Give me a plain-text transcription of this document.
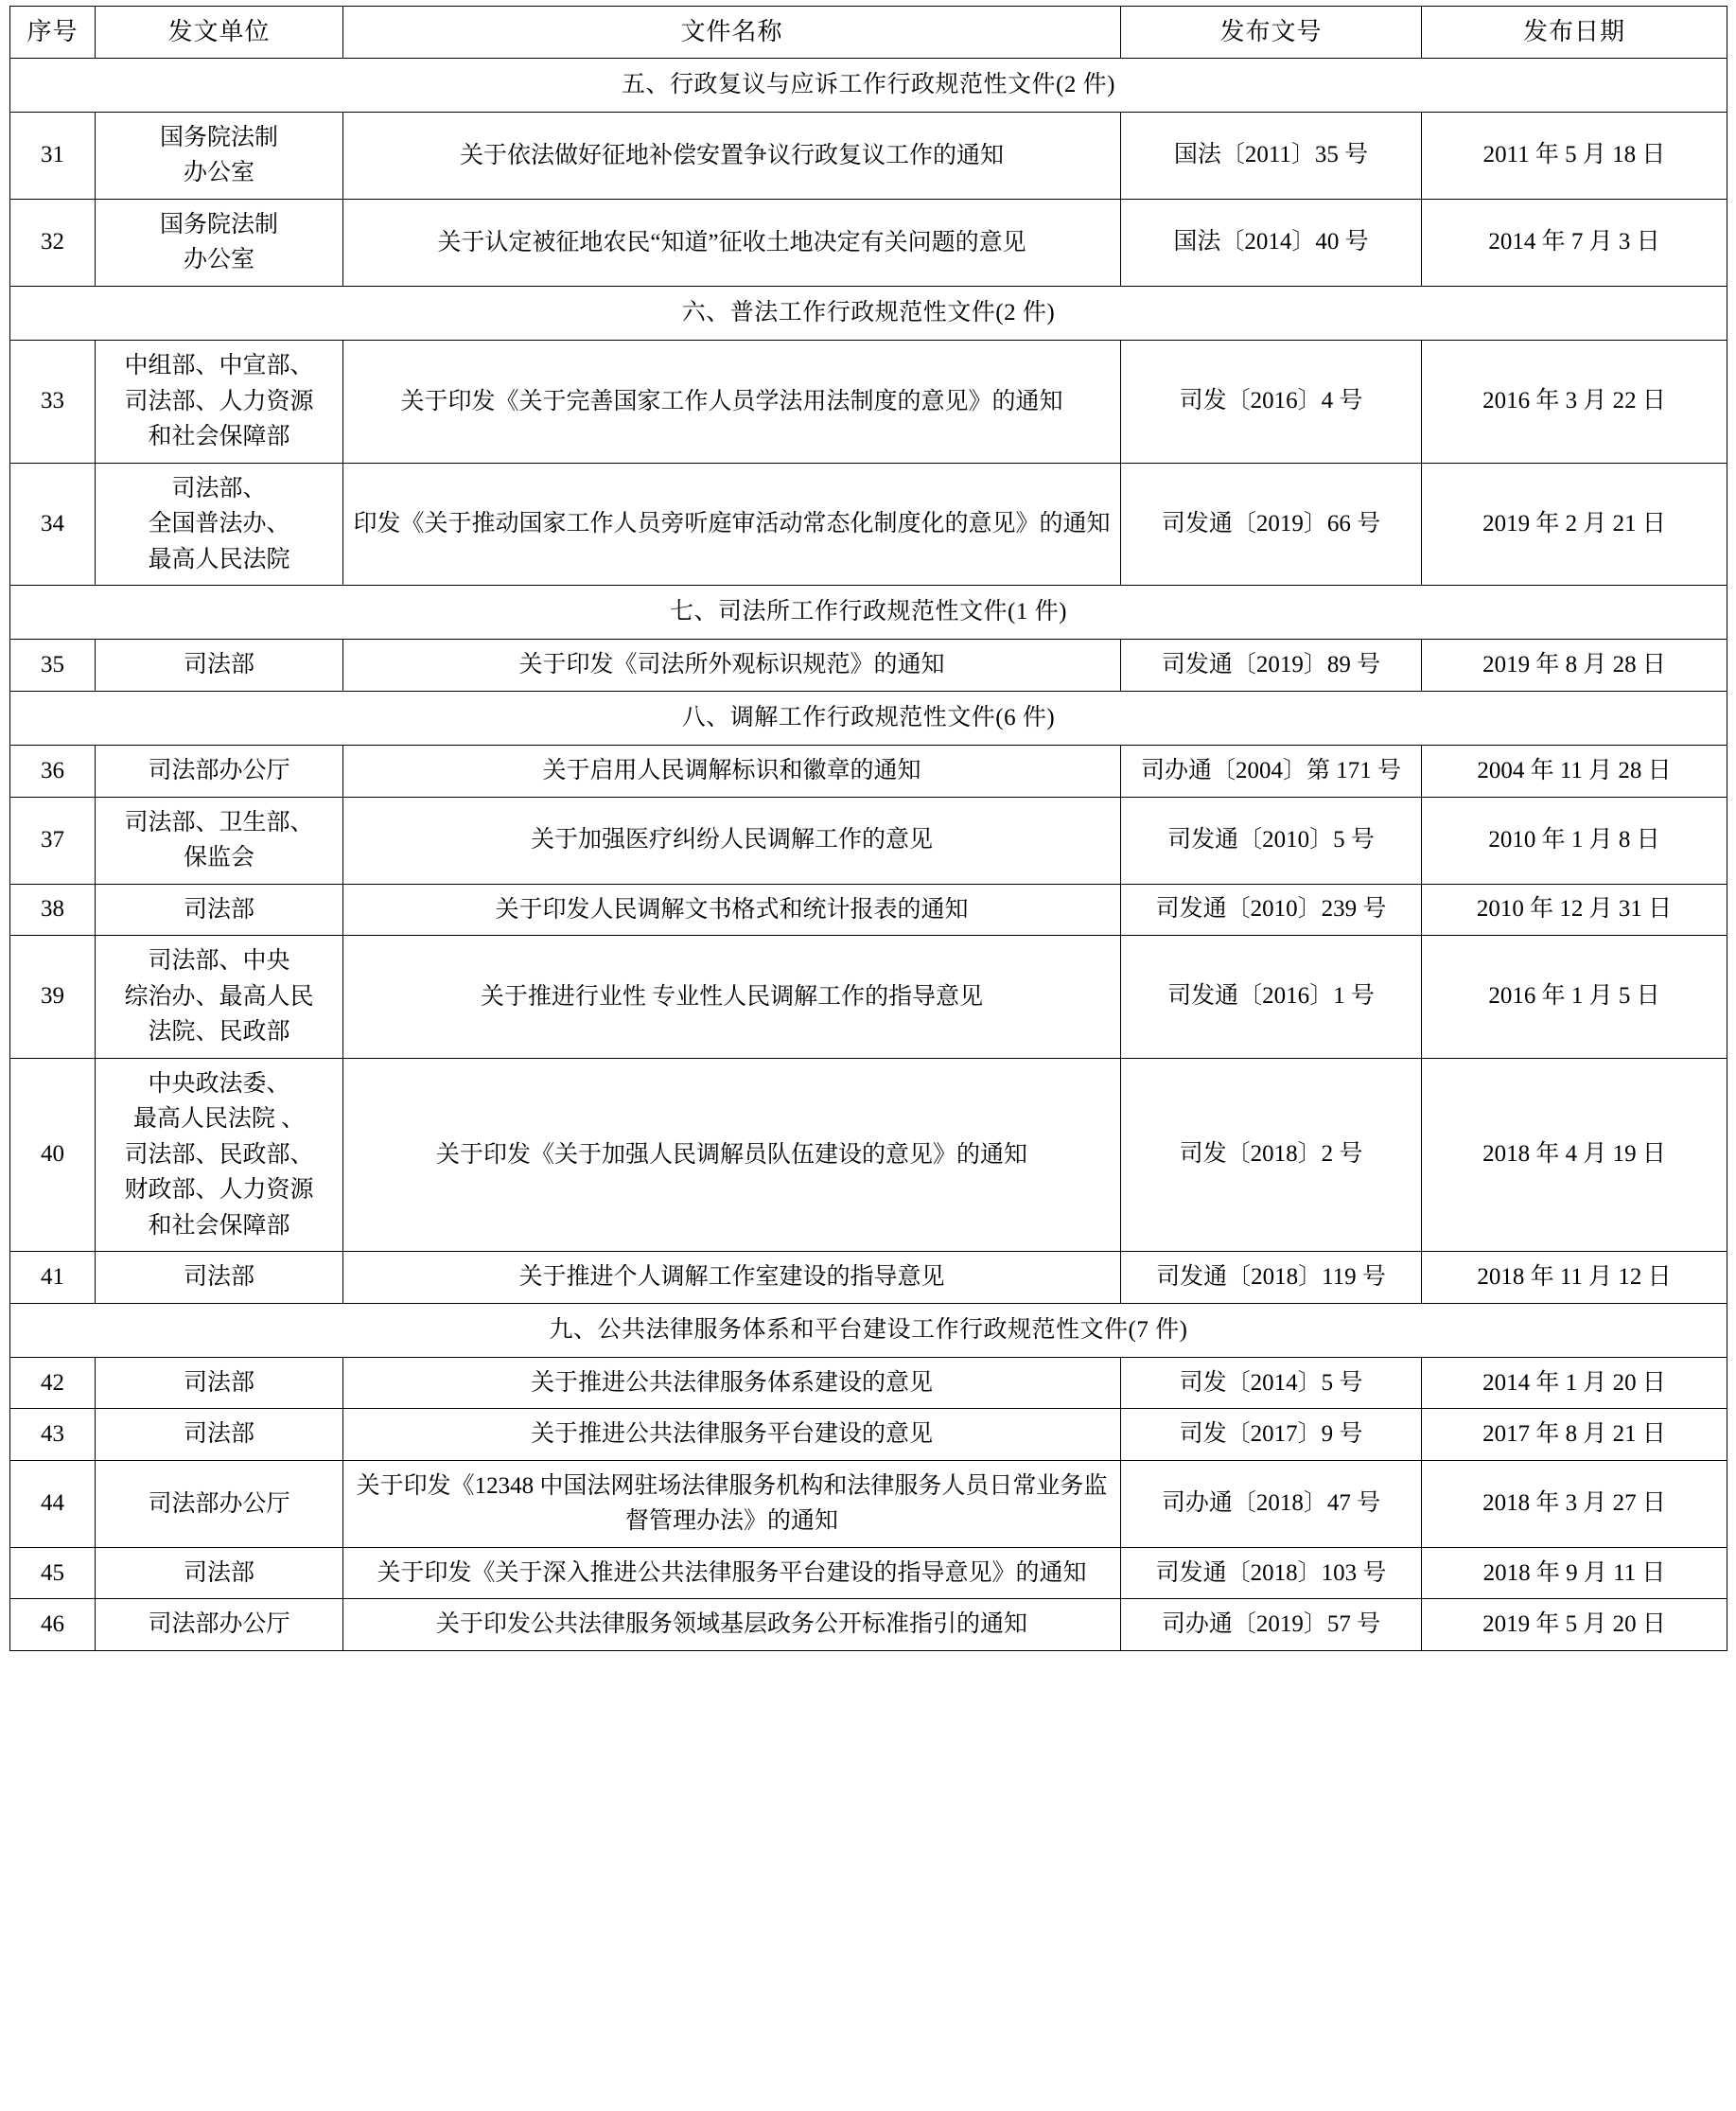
序号	发文单位	文件名称	发布文号	发布日期
五、行政复议与应诉工作行政规范性文件(2 件)				
31	国务院法制
办公室	关于依法做好征地补偿安置争议行政复议工作的通知	国法〔2011〕35 号	2011 年 5 月 18 日
32	国务院法制
办公室	关于认定被征地农民“知道”征收土地决定有关问题的意见	国法〔2014〕40 号	2014 年 7 月 3 日
六、普法工作行政规范性文件(2 件)				
33	中组部、中宣部、
司法部、人力资源
和社会保障部	关于印发《关于完善国家工作人员学法用法制度的意见》的通知	司发〔2016〕4 号	2016 年 3 月 22 日
34	司法部、
全国普法办、
最高人民法院	印发《关于推动国家工作人员旁听庭审活动常态化制度化的意见》的通知	司发通〔2019〕66 号	2019 年 2 月 21 日
七、司法所工作行政规范性文件(1 件)				
35	司法部	关于印发《司法所外观标识规范》的通知	司发通〔2019〕89 号	2019 年 8 月 28 日
八、调解工作行政规范性文件(6 件)				
36	司法部办公厅	关于启用人民调解标识和徽章的通知	司办通〔2004〕第 171 号	2004 年 11 月 28 日
37	司法部、卫生部、
保监会	关于加强医疗纠纷人民调解工作的意见	司发通〔2010〕5 号	2010 年 1 月 8 日
38	司法部	关于印发人民调解文书格式和统计报表的通知	司发通〔2010〕239 号	2010 年 12 月 31 日
39	司法部、中央
综治办、最高人民
法院、民政部	关于推进行业性 专业性人民调解工作的指导意见	司发通〔2016〕1 号	2016 年 1 月 5 日
40	中央政法委、
最高人民法院 、
司法部、民政部、
财政部、人力资源
和社会保障部	关于印发《关于加强人民调解员队伍建设的意见》的通知	司发〔2018〕2 号	2018 年 4 月 19 日
41	司法部	关于推进个人调解工作室建设的指导意见	司发通〔2018〕119 号	2018 年 11 月 12 日
九、公共法律服务体系和平台建设工作行政规范性文件(7 件)				
42	司法部	关于推进公共法律服务体系建设的意见	司发〔2014〕5 号	2014 年 1 月 20 日
43	司法部	关于推进公共法律服务平台建设的意见	司发〔2017〕9 号	2017 年 8 月 21 日
44	司法部办公厅	关于印发《12348 中国法网驻场法律服务机构和法律服务人员日常业务监督管理办法》的通知	司办通〔2018〕47 号	2018 年 3 月 27 日
45	司法部	关于印发《关于深入推进公共法律服务平台建设的指导意见》的通知	司发通〔2018〕103 号	2018 年 9 月 11 日
46	司法部办公厅	关于印发公共法律服务领域基层政务公开标准指引的通知	司办通〔2019〕57 号	2019 年 5 月 20 日
